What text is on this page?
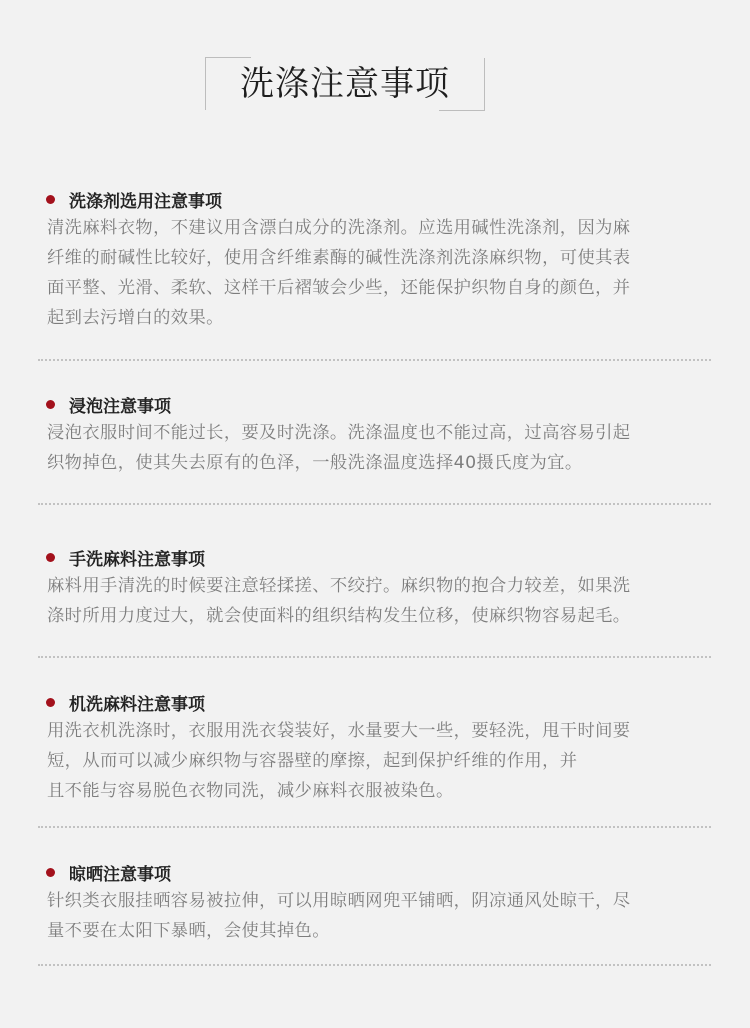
洗涤注意事项
洗涤剂选用注意事项
清洗麻料衣物，不建议用含漂白成分的洗涤剂。应选用碱性洗涤剂，因为麻
纤维的耐碱性比较好，使用含纤维素酶的碱性洗涤剂洗涤麻织物，可使其表
面平整、光滑、柔软、这样干后褶皱会少些，还能保护织物自身的颜色，并
起到去污增白的效果。
浸泡注意事项
浸泡衣服时间不能过长，要及时洗涤。洗涤温度也不能过高，过高容易引起
织物掉色，使其失去原有的色泽，一般洗涤温度选择40摄氏度为宜。
手洗麻料注意事项
麻料用手清洗的时候要注意轻揉搓、不绞拧。麻织物的抱合力较差，如果洗
涤时所用力度过大，就会使面料的组织结构发生位移，使麻织物容易起毛。
机洗麻料注意事项
用洗衣机洗涤时，衣服用洗衣袋装好，水量要大一些，要轻洗，甩干时间要
短，从而可以减少麻织物与容器壁的摩擦，起到保护纤维的作用，并
且不能与容易脱色衣物同洗，减少麻料衣服被染色。
晾晒注意事项
针织类衣服挂晒容易被拉伸，可以用晾晒网兜平铺晒，阴凉通风处晾干，尽
量不要在太阳下暴晒，会使其掉色。
